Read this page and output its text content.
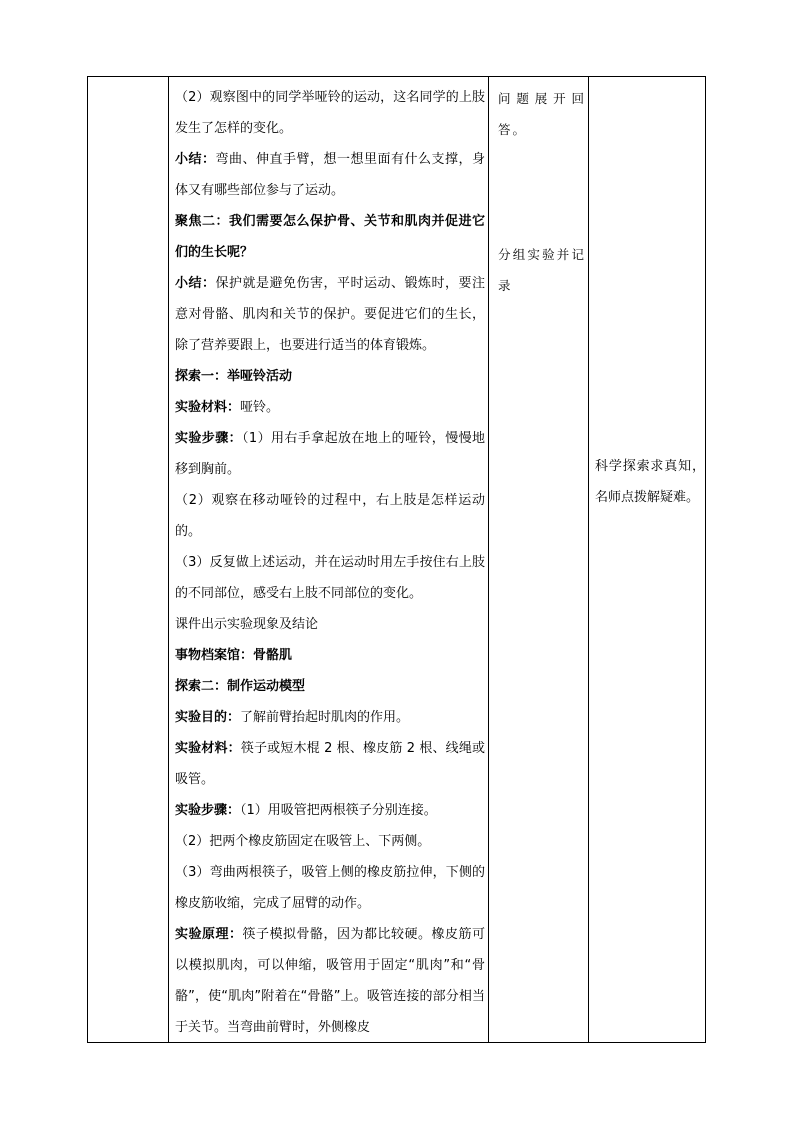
（2）观察图中的同学举哑铃的运动，这名同学的上肢发生了怎样的变化。

小结：弯曲、伸直手臂，想一想里面有什么支撑，身体又有哪些部位参与了运动。

聚焦二：我们需要怎么保护骨、关节和肌肉并促进它们的生长呢？

小结：保护就是避免伤害，平时运动、锻炼时，要注意对骨骼、肌肉和关节的保护。要促进它们的生长，除了营养要跟上，也要进行适当的体育锻炼。

探索一：举哑铃活动

实验材料：哑铃。

实验步骤：（1）用右手拿起放在地上的哑铃，慢慢地移到胸前。

（2）观察在移动哑铃的过程中，右上肢是怎样运动的。

（3）反复做上述运动，并在运动时用左手按住右上肢的不同部位，感受右上肢不同部位的变化。

课件出示实验现象及结论

事物档案馆：骨骼肌

探索二：制作运动模型

实验目的：了解前臂抬起时肌肉的作用。

实验材料：筷子或短木棍 2 根、橡皮筋 2 根、线绳或吸管。

实验步骤：（1）用吸管把两根筷子分别连接。

（2）把两个橡皮筋固定在吸管上、下两侧。

（3）弯曲两根筷子，吸管上侧的橡皮筋拉伸，下侧的橡皮筋收缩，完成了屈臂的动作。

实验原理：筷子模拟骨骼，因为都比较硬。橡皮筋可以模拟肌肉，可以伸缩，吸管用于固定“肌肉”和“骨骼”，使“肌肉”附着在“骨骼”上。吸管连接的部分相当于关节。当弯曲前臂时，外侧橡皮

问题展开回答。

分组实验并记录

科学探索求真知，名师点拨解疑难。
